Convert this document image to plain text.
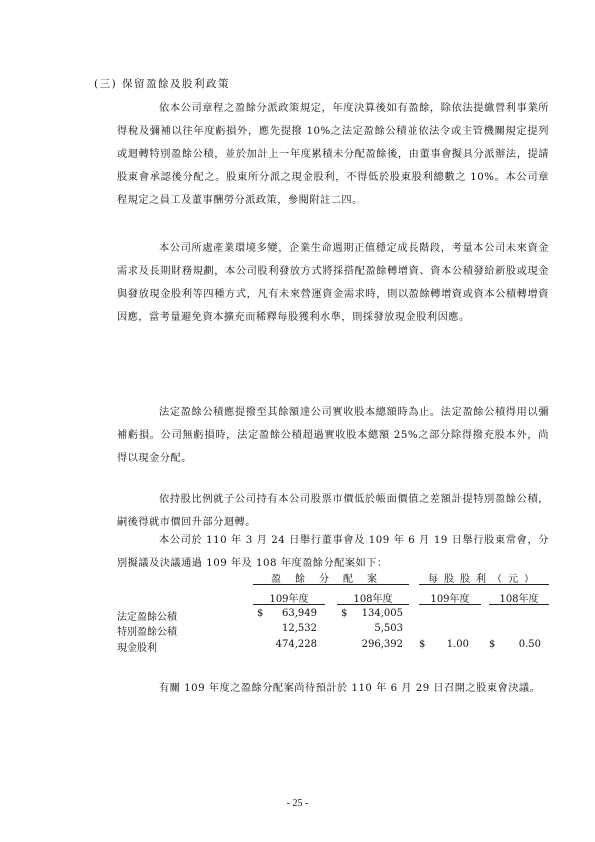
(三) 保留盈餘及股利政策
依本公司章程之盈餘分派政策規定，年度決算後如有盈餘，除依法提繳營利事業所得稅及彌補以往年度虧損外，應先提撥 10%之法定盈餘公積並依法令或主管機關規定提列或迴轉特別盈餘公積，並於加計上一年度累積未分配盈餘後，由董事會擬具分派辦法，提請股東會承認後分配之。股東所分派之現金股利，不得低於股東股利總數之 10%。本公司章程規定之員工及董事酬勞分派政策，參閱附註二四。
本公司所處產業環境多變，企業生命週期正值穩定成長階段，考量本公司未來資金需求及長期財務規劃，本公司股利發放方式將採搭配盈餘轉增資、資本公積發給新股或現金與發放現金股利等四種方式，凡有未來營運資金需求時，則以盈餘轉增資或資本公積轉增資因應，當考量避免資本擴充而稀釋每股獲利水準，則採發放現金股利因應。
法定盈餘公積應提撥至其餘額達公司實收股本總額時為止。法定盈餘公積得用以彌補虧損。公司無虧損時，法定盈餘公積超過實收股本總額 25%之部分除得撥充股本外，尚得以現金分配。
依持股比例就子公司持有本公司股票市價低於帳面價值之差額計提特別盈餘公積，嗣後得就市價回升部分迴轉。
本公司於 110 年 3 月 24 日舉行董事會及 109 年 6 月 19 日舉行股東常會，分別擬議及決議通過 109 年及 108 年度盈餘分配案如下：
盈餘分配案	每股股利（元）
109年度	108年度	109年度	108年度
法定盈餘公積	$	63,949 $	134,005
特別盈餘公積	12,532	5,503
現金股利	474,228	296,392 $	1.00 $	0.50
有關 109 年度之盈餘分配案尚待預計於 110 年 6 月 29 日召開之股東會決議。
- 25 -
